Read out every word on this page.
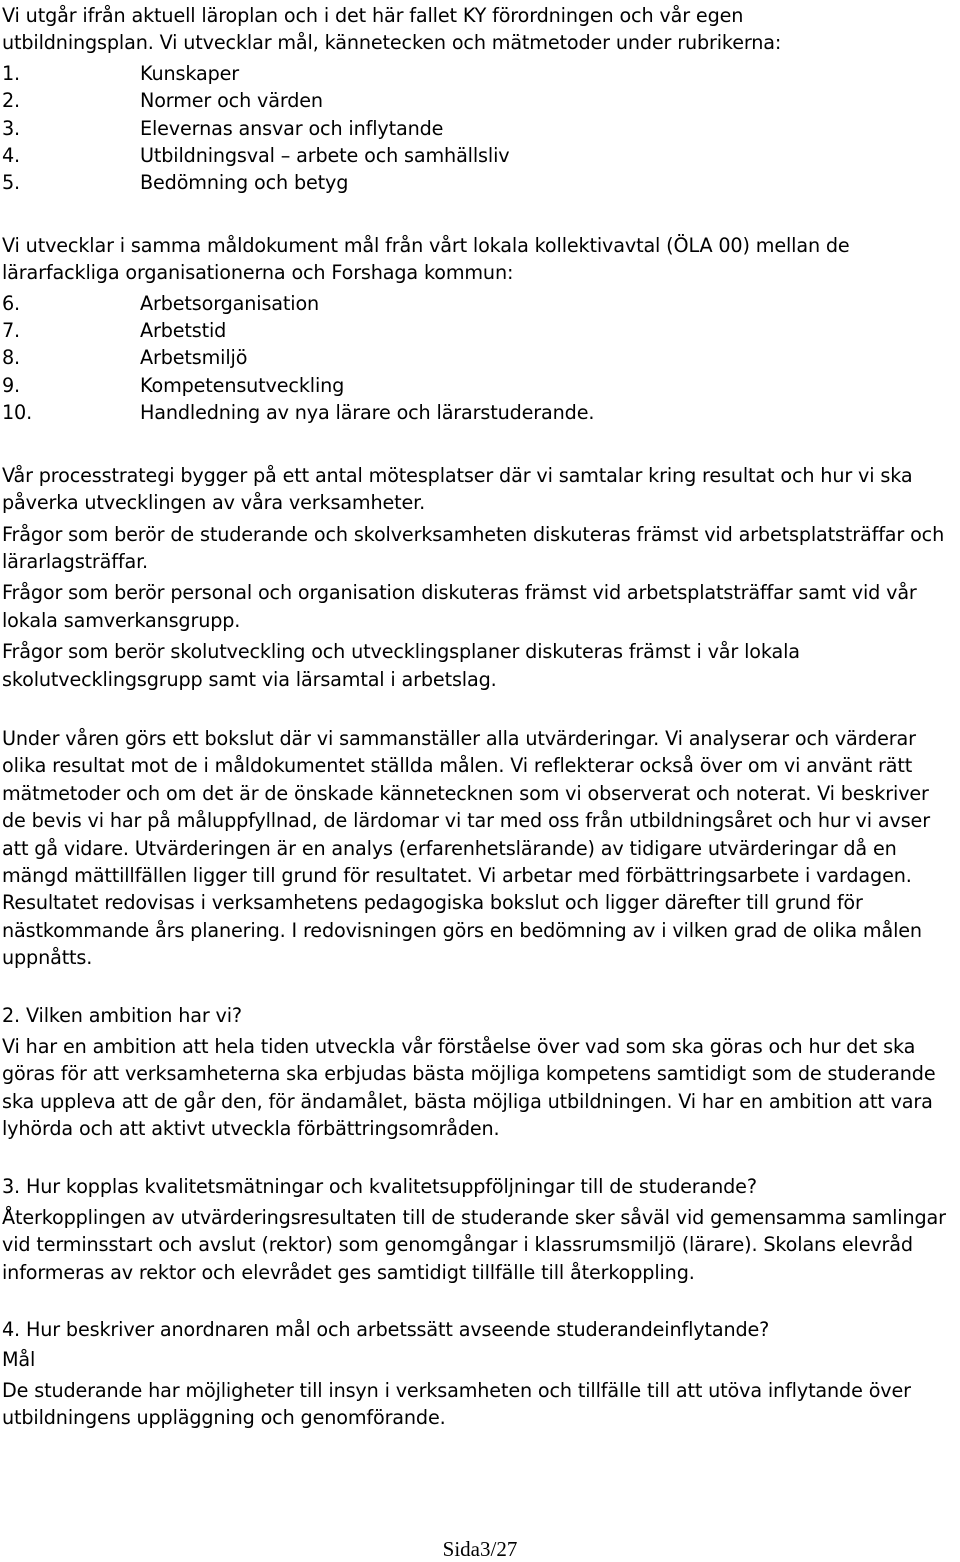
Vi utgår ifrån aktuell läroplan och i det här fallet KY förordningen och vår egen
utbildningsplan. Vi utvecklar mål, kännetecken och mätmetoder under rubrikerna:
1.	Kunskaper
2.	Normer och värden
3.	Elevernas ansvar och inflytande
4.	Utbildningsval – arbete och samhällsliv
5.	Bedömning och betyg

Vi utvecklar i samma måldokument mål från vårt lokala kollektivavtal (ÖLA 00) mellan de lärarfackliga organisationerna och Forshaga kommun:

6.	Arbetsorganisation
7.	Arbetstid
8.	Arbetsmiljö
9.	Kompetensutveckling
10.	Handledning av nya lärare och lärarstuderande.

Vår processtrategi bygger på ett antal mötesplatser där vi samtalar kring resultat och hur vi ska påverka utvecklingen av våra verksamheter.

Frågor som berör de studerande och skolverksamheten diskuteras främst vid arbetsplatsträffar och lärarlagsträffar.

Frågor som berör personal och organisation diskuteras främst vid arbetsplatsträffar samt vid vår lokala samverkansgrupp.

Frågor som berör skolutveckling och utvecklingsplaner diskuteras främst i vår lokala skolutvecklingsgrupp samt via lärsamtal i arbetslag.

Under våren görs ett bokslut där vi sammanställer alla utvärderingar. Vi analyserar och värderar olika resultat mot de i måldokumentet ställda målen. Vi reflekterar också över om vi använt rätt mätmetoder och om det är de önskade kännetecknen som vi observerat och noterat. Vi beskriver de bevis vi har på måluppfyllnad, de lärdomar vi tar med oss från utbildningsåret och hur vi avser att gå vidare. Utvärderingen är en analys (erfarenhetslärande) av tidigare utvärderingar då en mängd mättillfällen ligger till grund för resultatet. Vi arbetar med förbättringsarbete i vardagen. Resultatet redovisas i verksamhetens pedagogiska bokslut och ligger därefter till grund för nästkommande års planering. I redovisningen görs en bedömning av i vilken grad de olika målen uppnåtts.

2. Vilken ambition har vi?

Vi har en ambition att hela tiden utveckla vår förståelse över vad som ska göras och hur det ska göras för att verksamheterna ska erbjudas bästa möjliga kompetens samtidigt som de studerande ska uppleva att de går den, för ändamålet, bästa möjliga utbildningen. Vi har en ambition att vara lyhörda och att aktivt utveckla förbättringsområden.

3. Hur kopplas kvalitetsmätningar och kvalitetsuppföljningar till de studerande?

Återkopplingen av utvärderingsresultaten till de studerande sker såväl vid gemensamma samlingar vid terminsstart och avslut (rektor) som genomgångar i klassrumsmiljö (lärare). Skolans elevråd informeras av rektor och elevrådet ges samtidigt tillfälle till återkoppling.

4. Hur beskriver anordnaren mål och arbetssätt avseende studerandeinflytande?

Mål

De studerande har möjligheter till insyn i verksamheten och tillfälle till att utöva inflytande över utbildningens uppläggning och genomförande.

Sida3/27
